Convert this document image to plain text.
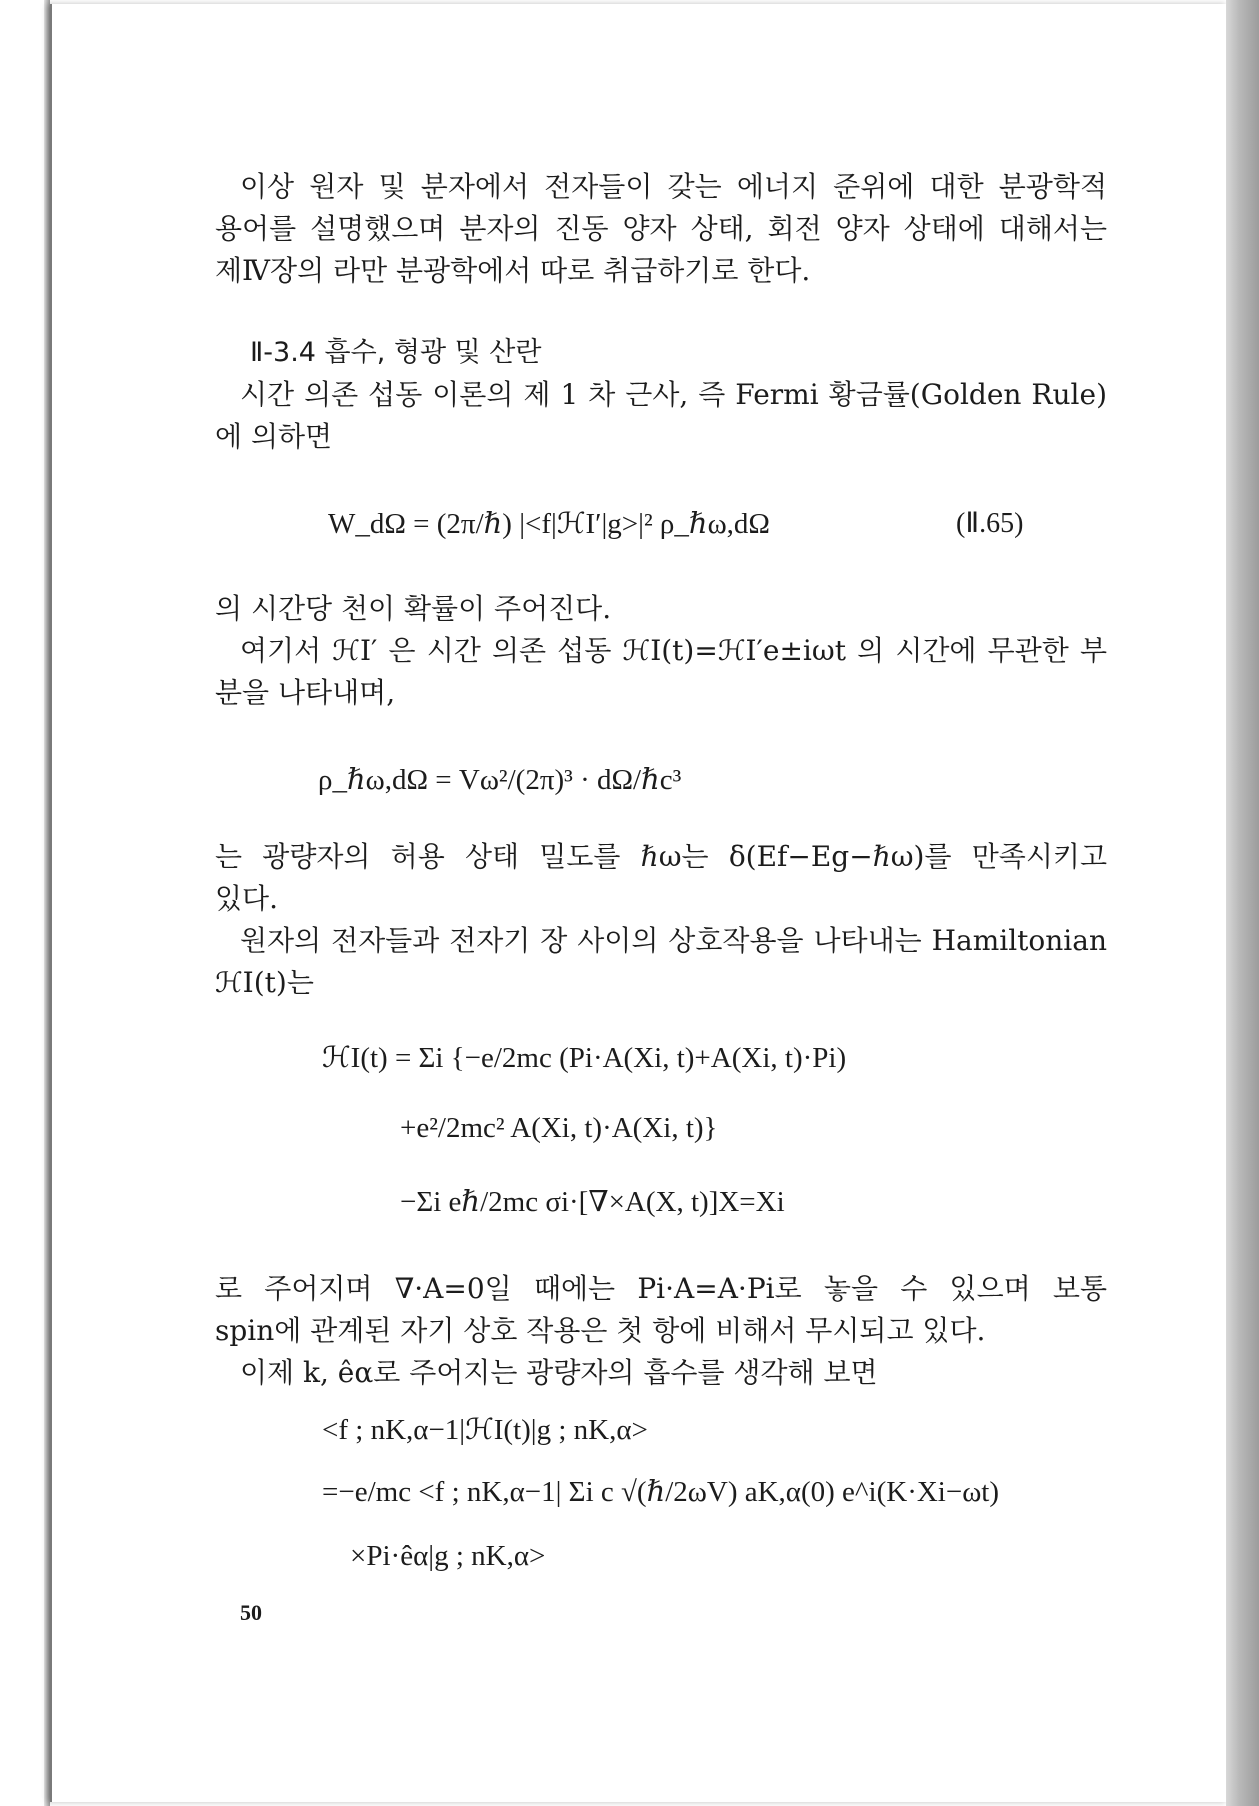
이상 원자 및 분자에서 전자들이 갖는 에너지 준위에 대한 분광학적
용어를 설명했으며 분자의 진동 양자 상태, 회전 양자 상태에 대해서는
제Ⅳ장의 라만 분광학에서 따로 취급하기로 한다.
Ⅱ-3.4 흡수, 형광 및 산란
시간 의존 섭동 이론의 제 1 차 근사, 즉 Fermi 황금률(Golden Rule)
에 의하면
W_dΩ = (2π/ℏ) |<f|ℋI′|g>|² ρ_ℏω,dΩ	(Ⅱ.65)
의 시간당 천이 확률이 주어진다.
여기서 ℋI′ 은 시간 의존 섭동 ℋI(t)=ℋI′e±iωt 의 시간에 무관한 부
분을 나타내며,
ρ_ℏω,dΩ = Vω²/(2π)³ · dΩ/ℏc³
는 광량자의 허용 상태 밀도를 ℏω는 δ(Ef−Eg−ℏω)를 만족시키고
있다.
원자의 전자들과 전자기 장 사이의 상호작용을 나타내는 Hamiltonian
ℋI(t)는
ℋI(t) = Σi {−e/2mc (Pi·A(Xi, t)+A(Xi, t)·Pi)
+e²/2mc² A(Xi, t)·A(Xi, t)}
−Σi eℏ/2mc σi·[∇×A(X, t)]X=Xi
로 주어지며 ∇·A=0일 때에는 Pi·A=A·Pi로 놓을 수 있으며 보통
spin에 관계된 자기 상호 작용은 첫 항에 비해서 무시되고 있다.
이제 k, êα로 주어지는 광량자의 흡수를 생각해 보면
<f ; nK,α−1|ℋI(t)|g ; nK,α>
=−e/mc <f ; nK,α−1| Σi c √(ℏ/2ωV) aK,α(0) e^i(K·Xi−ωt)
×Pi·êα|g ; nK,α>
50
